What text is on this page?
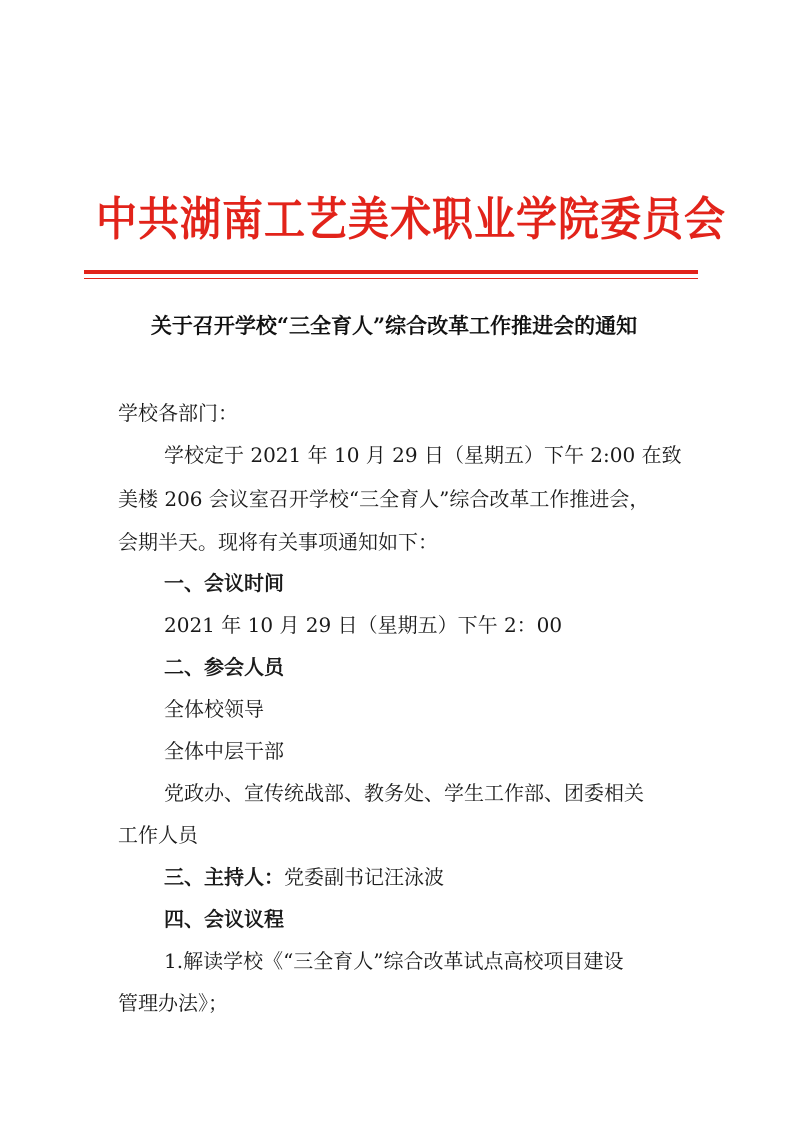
中共湖南工艺美术职业学院委员会
关于召开学校“三全育人”综合改革工作推进会的通知
学校各部门：
学校定于 2021 年 10 月 29 日（星期五）下午 2:00 在致
美楼 206 会议室召开学校“三全育人”综合改革工作推进会，
会期半天。现将有关事项通知如下：
一、会议时间
2021 年 10 月 29 日（星期五）下午 2：00
二、参会人员
全体校领导
全体中层干部
党政办、宣传统战部、教务处、学生工作部、团委相关
工作人员
三、主持人：党委副书记汪泳波
四、会议议程
1.解读学校《“三全育人”综合改革试点高校项目建设
管理办法》；
